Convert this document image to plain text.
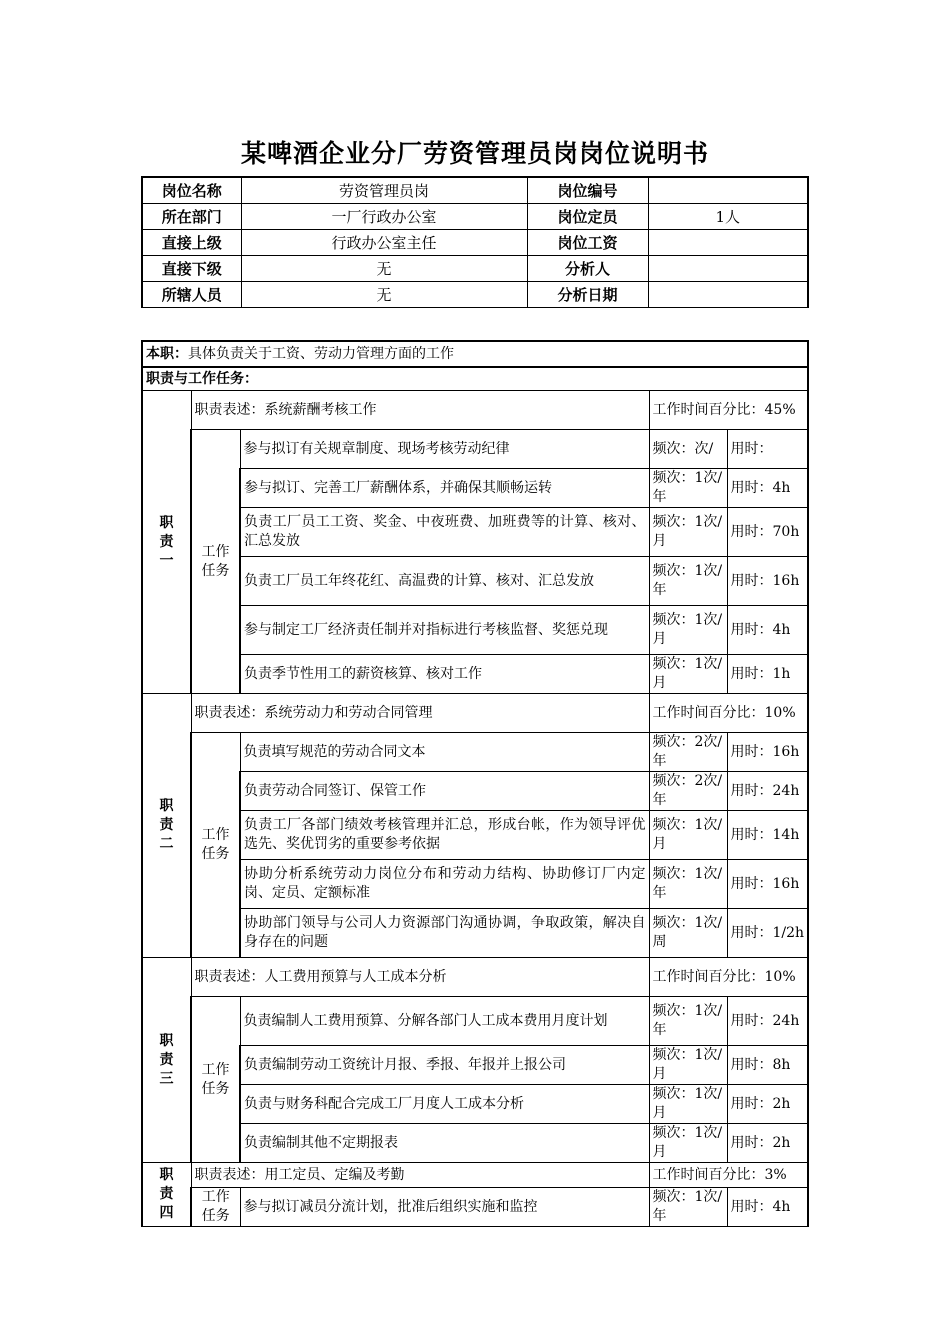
某啤酒企业分厂劳资管理员岗岗位说明书
岗位名称	劳资管理员岗	岗位编号	
所在部门	一厂行政办公室	岗位定员	1人
直接上级	行政办公室主任	岗位工资	
直接下级	无	分析人	
所辖人员	无	分析日期	
本职：具体负责关于工资、劳动力管理方面的工作				
职责与工作任务：				

职责一	职责表述：系统薪酬考核工作		工作时间百分比：45%	

	工作任务	参与拟订有关规章制度、现场考核劳动纪律	频次：次/	用时：
		参与拟订、完善工厂薪酬体系，并确保其顺畅运转	频次：1次/年	用时：4h
		负责工厂员工工资、奖金、中夜班费、加班费等的计算、核对、汇总发放	频次：1次/月	用时：70h
		负责工厂员工年终花红、高温费的计算、核对、汇总发放	频次：1次/年	用时：16h
		参与制定工厂经济责任制并对指标进行考核监督、奖惩兑现	频次：1次/月	用时：4h
		负责季节性用工的薪资核算、核对工作	频次：1次/月	用时：1h

职责二	职责表述：系统劳动力和劳动合同管理		工作时间百分比：10%	

	工作任务	负责填写规范的劳动合同文本	频次：2次/年	用时：16h
		负责劳动合同签订、保管工作	频次：2次/年	用时：24h
		负责工厂各部门绩效考核管理并汇总，形成台帐，作为领导评优选先、奖优罚劣的重要参考依据	频次：1次/月	用时：14h
		协助分析系统劳动力岗位分布和劳动力结构、协助修订厂内定岗、定员、定额标准	频次：1次/年	用时：16h
		协助部门领导与公司人力资源部门沟通协调，争取政策，解决自身存在的问题	频次：1次/周	用时：1/2h

职责三	职责表述：人工费用预算与人工成本分析		工作时间百分比：10%	

	工作任务	负责编制人工费用预算、分解各部门人工成本费用月度计划	频次：1次/年	用时：24h
		负责编制劳动工资统计月报、季报、年报并上报公司	频次：1次/月	用时：8h
		负责与财务科配合完成工厂月度人工成本分析	频次：1次/月	用时：2h
		负责编制其他不定期报表	频次：1次/月	用时：2h

职责四	职责表述：用工定员、定编及考勤		工作时间百分比：3%	

	工作任务	参与拟订减员分流计划，批准后组织实施和监控	频次：1次/年	用时：4h
